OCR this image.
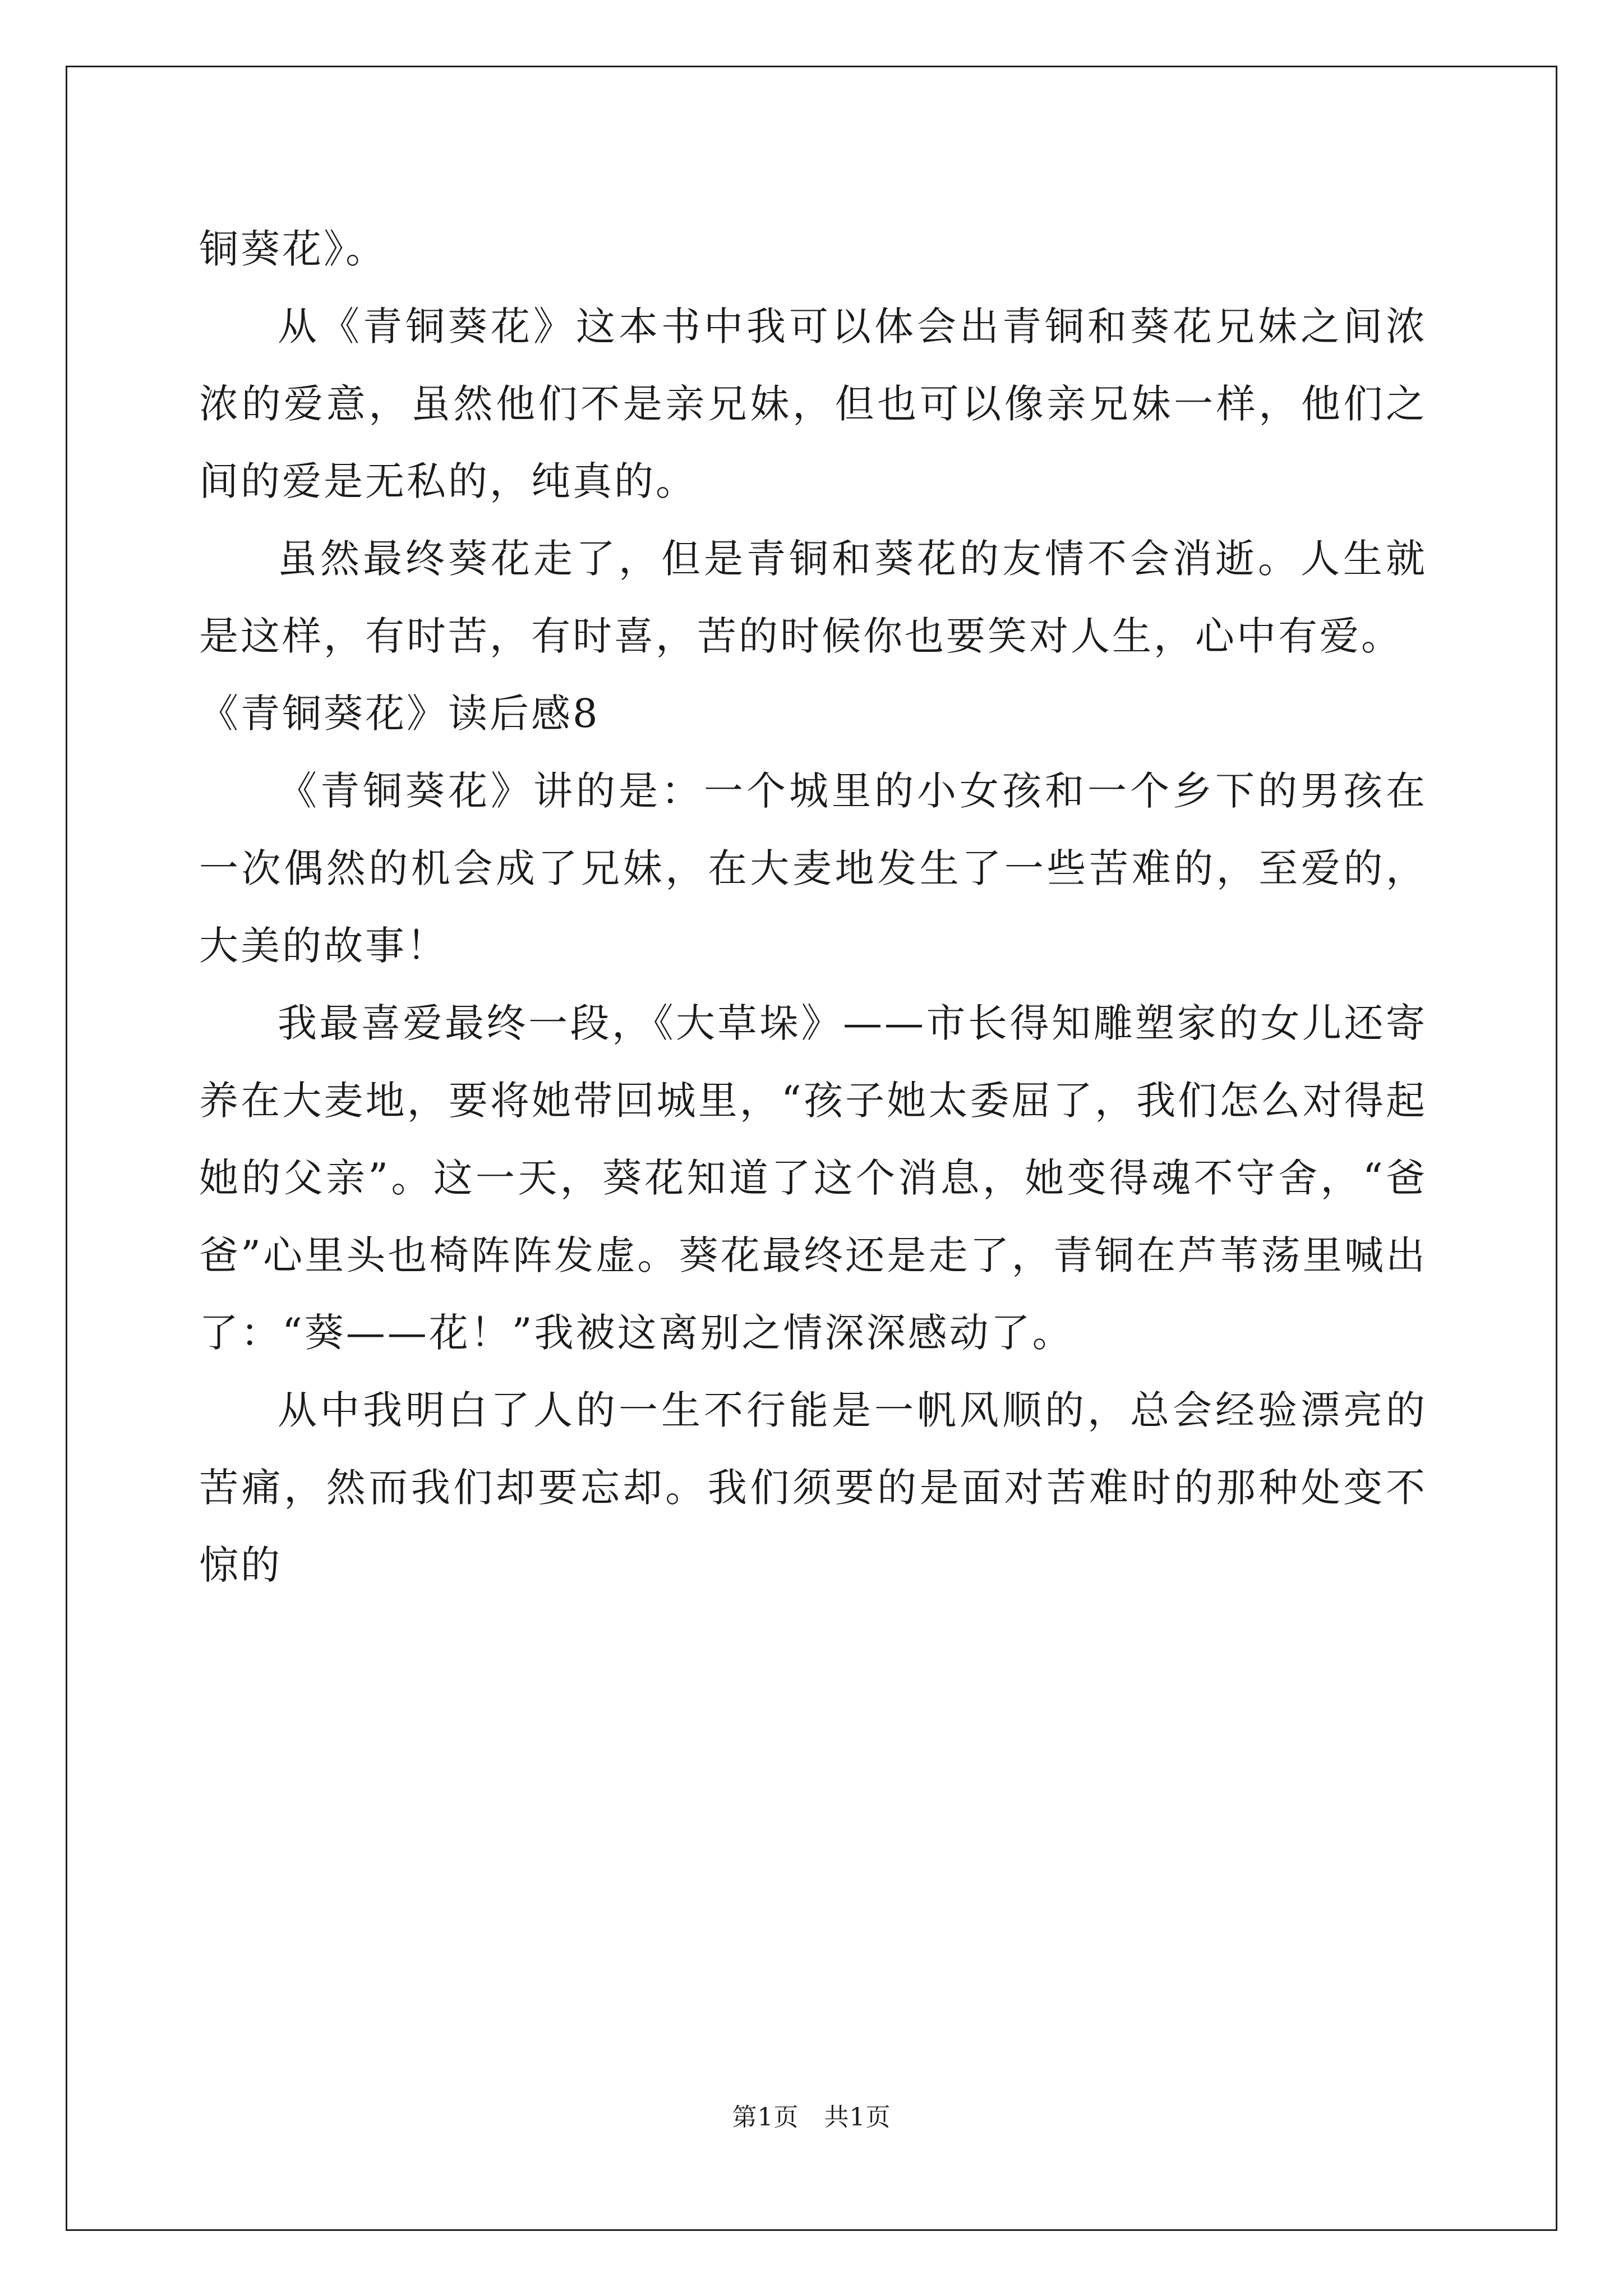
铜葵花》。

从《青铜葵花》这本书中我可以体会出青铜和葵花兄妹之间浓浓的爱意，虽然他们不是亲兄妹，但也可以像亲兄妹一样，他们之间的爱是无私的，纯真的。

虽然最终葵花走了，但是青铜和葵花的友情不会消逝。人生就是这样，有时苦，有时喜，苦的时候你也要笑对人生，心中有爱。

《青铜葵花》读后感8

《青铜葵花》讲的是：一个城里的小女孩和一个乡下的男孩在一次偶然的机会成了兄妹，在大麦地发生了一些苦难的，至爱的，大美的故事！

我最喜爱最终一段，《大草垛》——市长得知雕塑家的女儿还寄养在大麦地，要将她带回城里，“孩子她太委屈了，我们怎么对得起她的父亲”。这一天，葵花知道了这个消息，她变得魂不守舍，“爸爸”心里头也椅阵阵发虚。葵花最终还是走了，青铜在芦苇荡里喊出了：“葵——花！”我被这离别之情深深感动了。

从中我明白了人的一生不行能是一帆风顺的，总会经验漂亮的苦痛，然而我们却要忘却。我们须要的是面对苦难时的那种处变不惊的

第1页 共1页
